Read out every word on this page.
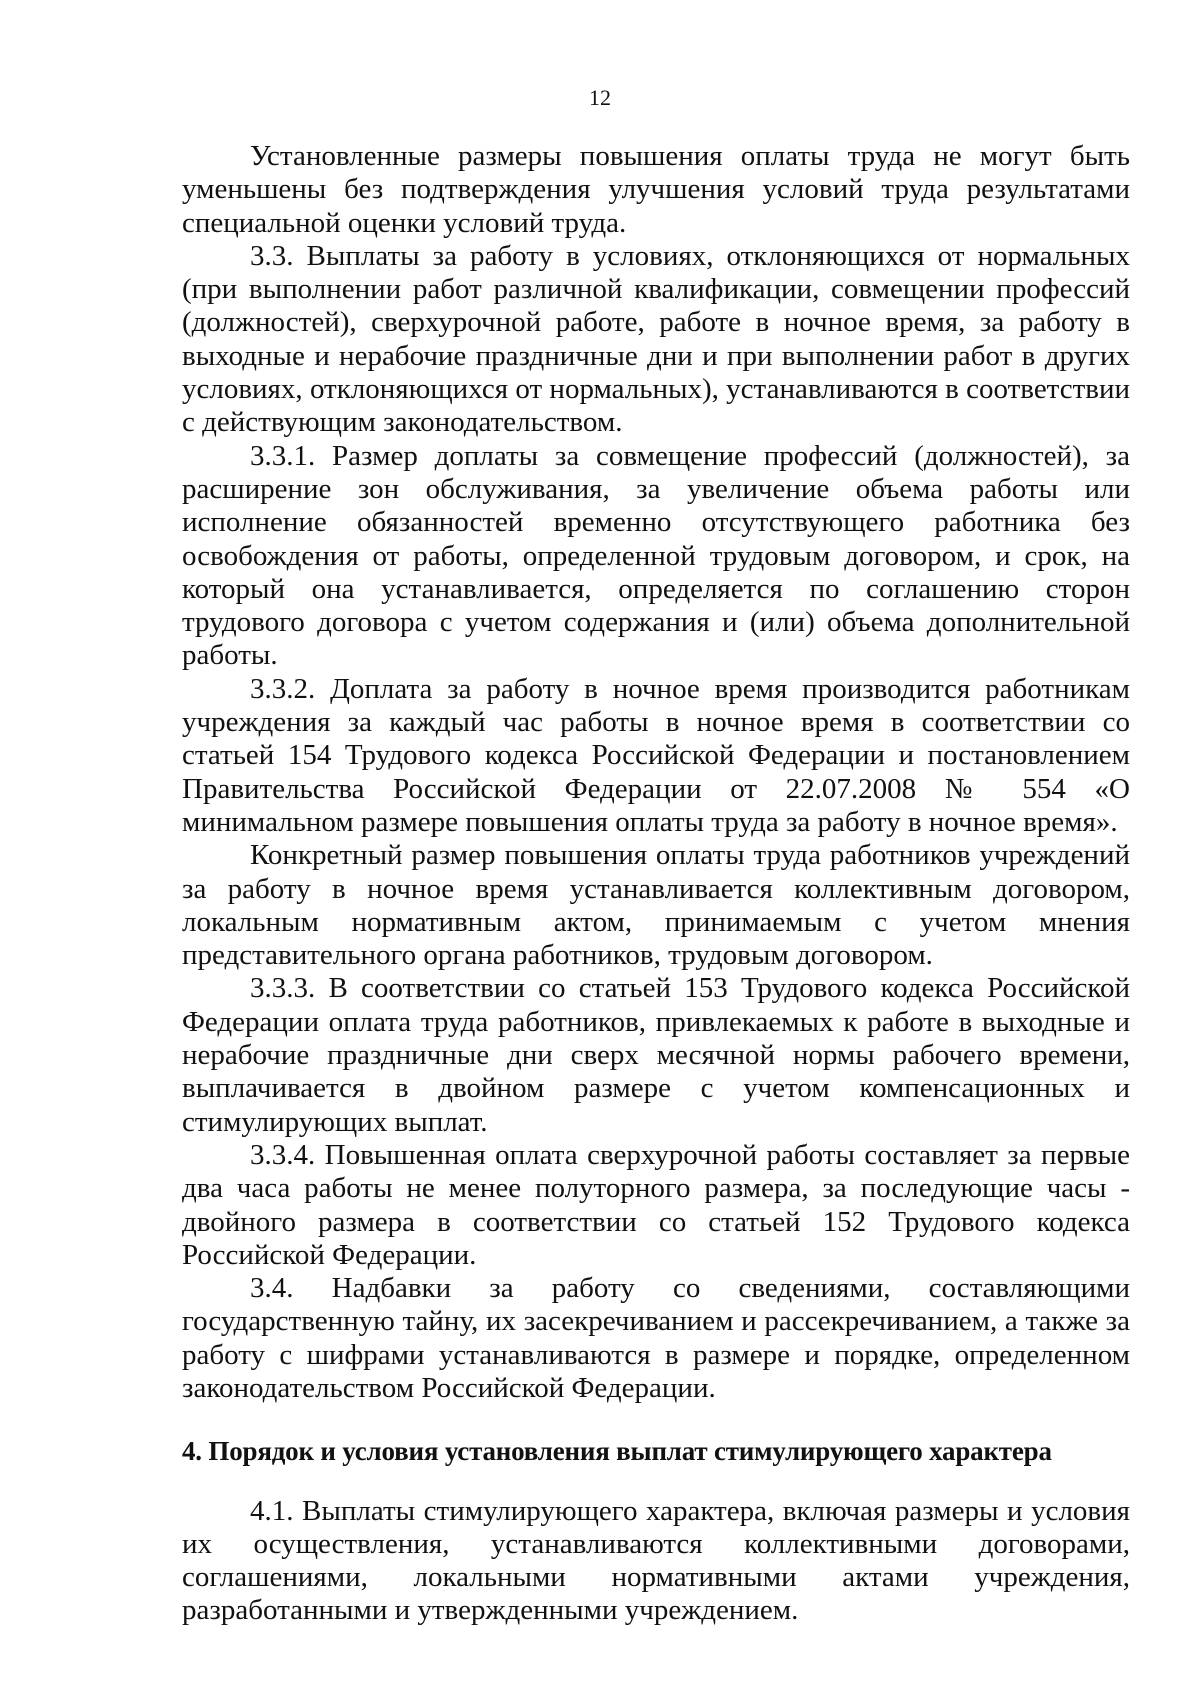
12

Установленные размеры повышения оплаты труда не могут быть уменьшены без подтверждения улучшения условий труда результатами специальной оценки условий труда.

3.3. Выплаты за работу в условиях, отклоняющихся от нормальных (при выполнении работ различной квалификации, совмещении профессий (должностей), сверхурочной работе, работе в ночное время, за работу в выходные и нерабочие праздничные дни и при выполнении работ в других условиях, отклоняющихся от нормальных), устанавливаются в соответствии с действующим законодательством.

3.3.1. Размер доплаты за совмещение профессий (должностей), за расширение зон обслуживания, за увеличение объема работы или исполнение обязанностей временно отсутствующего работника без освобождения от работы, определенной трудовым договором, и срок, на который она устанавливается, определяется по соглашению сторон трудового договора с учетом содержания и (или) объема дополнительной работы.

3.3.2. Доплата за работу в ночное время производится работникам учреждения за каждый час работы в ночное время в соответствии со статьей 154 Трудового кодекса Российской Федерации и постановлением Правительства Российской Федерации от 22.07.2008 № 554 «О минимальном размере повышения оплаты труда за работу в ночное время».

Конкретный размер повышения оплаты труда работников учреждений за работу в ночное время устанавливается коллективным договором, локальным нормативным актом, принимаемым с учетом мнения представительного органа работников, трудовым договором.

3.3.3. В соответствии со статьей 153 Трудового кодекса Российской Федерации оплата труда работников, привлекаемых к работе в выходные и нерабочие праздничные дни сверх месячной нормы рабочего времени, выплачивается в двойном размере с учетом компенсационных и стимулирующих выплат.

3.3.4. Повышенная оплата сверхурочной работы составляет за первые два часа работы не менее полуторного размера, за последующие часы - двойного размера в соответствии со статьей 152 Трудового кодекса Российской Федерации.

3.4. Надбавки за работу со сведениями, составляющими государственную тайну, их засекречиванием и рассекречиванием, а также за работу с шифрами устанавливаются в размере и порядке, определенном законодательством Российской Федерации.

4. Порядок и условия установления выплат стимулирующего характера

4.1. Выплаты стимулирующего характера, включая размеры и условия их осуществления, устанавливаются коллективными договорами, соглашениями, локальными нормативными актами учреждения, разработанными и утвержденными учреждением.
